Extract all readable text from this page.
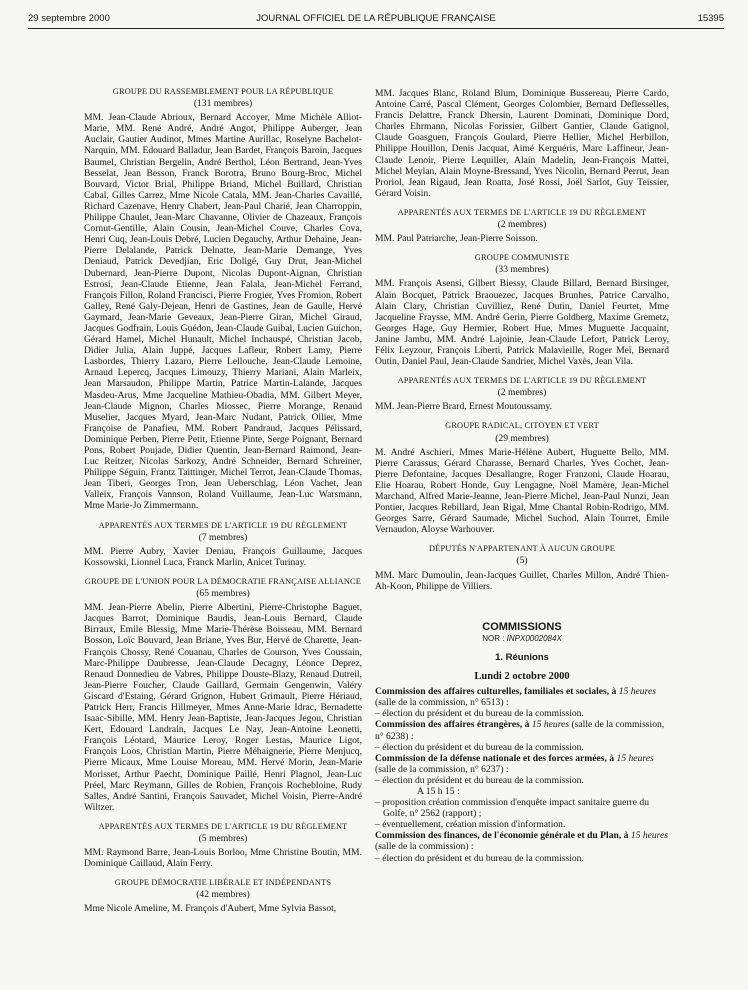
29 septembre 2000	JOURNAL OFFICIEL DE LA RÉPUBLIQUE FRANÇAISE	15395

GROUPE DU RASSEMBLEMENT POUR LA RÉPUBLIQUE

(131 membres)

MM. Jean-Claude Abrioux, Bernard Accoyer, Mme Michèle Alliot-Marie, MM. René André, André Angot, Philippe Auberger, Jean Auclair, Gautier Audinot, Mmes Martine Aurillac, Roselyne Bachelot-Narquin, MM. Edouard Balladur, Jean Bardet, François Baroin, Jacques Baumel, Christian Bergelin, André Berthol, Léon Bertrand, Jean-Yves Besselat, Jean Besson, Franck Borotra, Bruno Bourg-Broc, Michel Bouvard, Victor Brial, Philippe Briand, Michel Buillard, Christian Cabal, Gilles Carrez, Mme Nicole Catala, MM. Jean-Charles Cavaillé, Richard Cazenave, Henry Chabert, Jean-Paul Charié, Jean Charroppin, Philippe Chaulet, Jean-Marc Chavanne, Olivier de Chazeaux, François Cornut-Gentille, Alain Cousin, Jean-Michel Couve, Charles Cova, Henri Cuq, Jean-Louis Debré, Lucien Degauchy, Arthur Dehaine, Jean-Pierre Delalande, Patrick Delnatte, Jean-Marie Demange, Yves Deniaud, Patrick Devedjian, Eric Doligé, Guy Drut, Jean-Michel Dubernard, Jean-Pierre Dupont, Nicolas Dupont-Aignan, Christian Estrosi, Jean-Claude Etienne, Jean Falala, Jean-Michel Ferrand, François Fillon, Roland Francisci, Pierre Frogier, Yves Fromion, Robert Galley, René Galy-Dejean, Henri de Gastines, Jean de Gaulle, Hervé Gaymard, Jean-Marie Geveaux, Jean-Pierre Giran, Michel Giraud, Jacques Godfrain, Louis Guédon, Jean-Claude Guibal, Lucien Guichon, Gérard Hamel, Michel Hunault, Michel Inchauspé, Christian Jacob, Didier Julia, Alain Juppé, Jacques Lafleur, Robert Lamy, Pierre Lasbordes, Thierry Lazaro, Pierre Lellouche, Jean-Claude Lemoine, Arnaud Lepercq, Jacques Limouzy, Thierry Mariani, Alain Marleix, Jean Marsaudon, Philippe Martin, Patrice Martin-Lalande, Jacques Masdeu-Arus, Mme Jacqueline Mathieu-Obadia, MM. Gilbert Meyer, Jean-Claude Mignon, Charles Miossec, Pierre Morange, Renaud Muselier, Jacques Myard, Jean-Marc Nudant, Patrick Ollier, Mme Françoise de Panafieu, MM. Robert Pandraud, Jacques Pélissard, Dominique Perben, Pierre Petit, Etienne Pinte, Serge Poignant, Bernard Pons, Robert Poujade, Didier Quentin, Jean-Bernard Raimond, Jean-Luc Reitzer, Nicolas Sarkozy, André Schneider, Bernard Schreiner, Philippe Séguin, Frantz Taittinger, Michel Terrot, Jean-Claude Thomas, Jean Tiberi, Georges Tron, Jean Ueberschlag, Léon Vachet, Jean Valleix, François Vannson, Roland Vuillaume, Jean-Luc Warsmann, Mme Marie-Jo Zimmermann.

APPARENTÉS AUX TERMES DE L'ARTICLE 19 DU RÈGLEMENT

(7 membres)

MM. Pierre Aubry, Xavier Deniau, François Guillaume, Jacques Kossowski, Lionnel Luca, Franck Marlin, Anicet Turinay.

GROUPE DE L'UNION POUR LA DÉMOCRATIE FRANÇAISE ALLIANCE

(65 membres)

MM. Jean-Pierre Abelin, Pierre Albertini, Pierre-Christophe Baguet, Jacques Barrot, Dominique Baudis, Jean-Louis Bernard, Claude Birraux, Emile Blessig, Mme Marie-Thérèse Boisseau, MM. Bernard Bosson, Loïc Bouvard, Jean Briane, Yves Bur, Hervé de Charette, Jean-François Chossy, René Couanau, Charles de Courson, Yves Coussain, Marc-Philippe Daubresse, Jean-Claude Decagny, Léonce Deprez, Renaud Donnedieu de Vabres, Philippe Douste-Blazy, Renaud Dutreil, Jean-Pierre Foucher, Claude Gaillard, Germain Gengenwin, Valéry Giscard d'Estaing, Gérard Grignon, Hubert Grimault, Pierre Hériaud, Patrick Herr, Francis Hillmeyer, Mmes Anne-Marie Idrac, Bernadette Isaac-Sibille, MM. Henry Jean-Baptiste, Jean-Jacques Jegou, Christian Kert, Edouard Landrain, Jacques Le Nay, Jean-Antoine Leonetti, François Léotard, Maurice Leroy, Roger Lestas, Maurice Ligot, François Loos, Christian Martin, Pierre Méhaignerie, Pierre Menjucq, Pierre Micaux, Mme Louise Moreau, MM. Hervé Morin, Jean-Marie Morisset, Arthur Paecht, Dominique Paillé, Henri Plagnol, Jean-Luc Préel, Marc Reymann, Gilles de Robien, François Rochebloine, Rudy Salles, André Santini, François Sauvadet, Michel Voisin, Pierre-André Wiltzer.

APPARENTÉS AUX TERMES DE L'ARTICLE 19 DU RÈGLEMENT

(5 membres)

MM. Raymond Barre, Jean-Louis Borloo, Mme Christine Boutin, MM. Dominique Caillaud, Alain Ferry.

GROUPE DÉMOCRATIE LIBÉRALE ET INDÉPENDANTS

(42 membres)

Mme Nicole Ameline, M. François d'Aubert, Mme Sylvia Bassot,

MM. Jacques Blanc, Roland Blum, Dominique Bussereau, Pierre Cardo, Antoine Carré, Pascal Clément, Georges Colombier, Bernard Deflesselles, Francis Delattre, Franck Dhersin, Laurent Dominati, Dominique Dord, Charles Ehrmann, Nicolas Forissier, Gilbert Gantier, Claude Gatignol, Claude Goasguen, François Goulard, Pierre Hellier, Michel Herbillon, Philippe Houillon, Denis Jacquat, Aimé Kerguéris, Marc Laffineur, Jean-Claude Lenoir, Pierre Lequiller, Alain Madelin, Jean-François Mattei, Michel Meylan, Alain Moyne-Bressand, Yves Nicolin, Bernard Perrut, Jean Proriol, Jean Rigaud, Jean Roatta, José Rossi, Joël Sarlot, Guy Teissier, Gérard Voisin.

APPARENTÉS AUX TERMES DE L'ARTICLE 19 DU RÈGLEMENT

(2 membres)

MM. Paul Patriarche, Jean-Pierre Soisson.

GROUPE COMMUNISTE

(33 membres)

MM. François Asensi, Gilbert Biessy, Claude Billard, Bernard Birsinger, Alain Bocquet, Patrick Braouezec, Jacques Brunhes, Patrice Carvalho, Alain Clary, Christian Cuvilliez, René Dutin, Daniel Feurtet, Mme Jacqueline Fraysse, MM. André Gerin, Pierre Goldberg, Maxime Gremetz, Georges Hage, Guy Hermier, Robert Hue, Mmes Muguette Jacquaint, Janine Jambu, MM. André Lajoinie, Jean-Claude Lefort, Patrick Leroy, Félix Leyzour, François Liberti, Patrick Malavieille, Roger Meï, Bernard Outin, Daniel Paul, Jean-Claude Sandrier, Michel Vaxès, Jean Vila.

APPARENTÉS AUX TERMES DE L'ARTICLE 19 DU RÈGLEMENT

(2 membres)

MM. Jean-Pierre Brard, Ernest Moutoussamy.

GROUPE RADICAL, CITOYEN ET VERT

(29 membres)

M. André Aschieri, Mmes Marie-Hélène Aubert, Huguette Bello, MM. Pierre Carassus, Gérard Charasse, Bernard Charles, Yves Cochet, Jean-Pierre Defontaine, Jacques Desallangre, Roger Franzoni, Claude Hoarau, Elie Hoarau, Robert Honde, Guy Lengagne, Noël Mamère, Jean-Michel Marchand, Alfred Marie-Jeanne, Jean-Pierre Michel, Jean-Paul Nunzi, Jean Pontier, Jacques Rebillard, Jean Rigal, Mme Chantal Robin-Rodrigo, MM. Georges Sarre, Gérard Saumade, Michel Suchod, Alain Tourret, Emile Vernaudon, Aloyse Warhouver.

DÉPUTÉS N'APPARTENANT À AUCUN GROUPE

(5)

MM. Marc Dumoulin, Jean-Jacques Guillet, Charles Millon, André Thien-Ah-Koon, Philippe de Villiers.

COMMISSIONS

NOR : INPX0002084X

1. Réunions

Lundi 2 octobre 2000

Commission des affaires culturelles, familiales et sociales, à 15 heures (salle de la commission, n° 6513) :

– élection du président et du bureau de la commission.

Commission des affaires étrangères, à 15 heures (salle de la commission, n° 6238) :

– élection du président et du bureau de la commission.

Commission de la défense nationale et des forces armées, à 15 heures (salle de la commission, n° 6237) :

– élection du président et du bureau de la commission.

A 15 h 15 :

– proposition création commission d'enquête impact sanitaire guerre du Golfe, n° 2562 (rapport) ;

– éventuellement, création mission d'information.

Commission des finances, de l'économie générale et du Plan, à 15 heures (salle de la commission) :

– élection du président et du bureau de la commission.
